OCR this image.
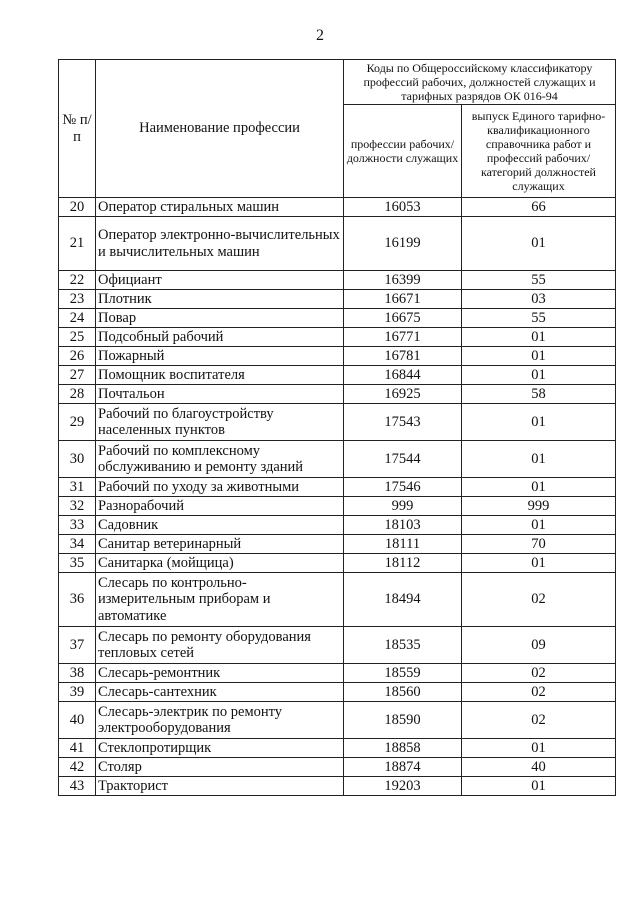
2
№ п/п	Наименование профессии	Коды по Общероссийскому классификатору профессий рабочих, должностей служащих и тарифных разрядов ОК 016-94	
		профессии рабочих/ должности служащих	выпуск Единого тарифно-квалификационного справочника работ и профессий рабочих/категорий должностей служащих
20	Оператор стиральных машин	16053	66
21	Оператор электронно-вычислительных и вычислительных машин	16199	01
22	Официант	16399	55
23	Плотник	16671	03
24	Повар	16675	55
25	Подсобный рабочий	16771	01
26	Пожарный	16781	01
27	Помощник воспитателя	16844	01
28	Почтальон	16925	58
29	Рабочий по благоустройству населенных пунктов	17543	01
30	Рабочий по комплексному обслуживанию и ремонту зданий	17544	01
31	Рабочий по уходу за животными	17546	01
32	Разнорабочий	999	999
33	Садовник	18103	01
34	Санитар ветеринарный	18111	70
35	Санитарка (мойщица)	18112	01
36	Слесарь по контрольно-измерительным приборам и автоматике	18494	02
37	Слесарь по ремонту оборудования тепловых сетей	18535	09
38	Слесарь-ремонтник	18559	02
39	Слесарь-сантехник	18560	02
40	Слесарь-электрик по ремонту электрооборудования	18590	02
41	Стеклопротирщик	18858	01
42	Столяр	18874	40
43	Тракторист	19203	01
